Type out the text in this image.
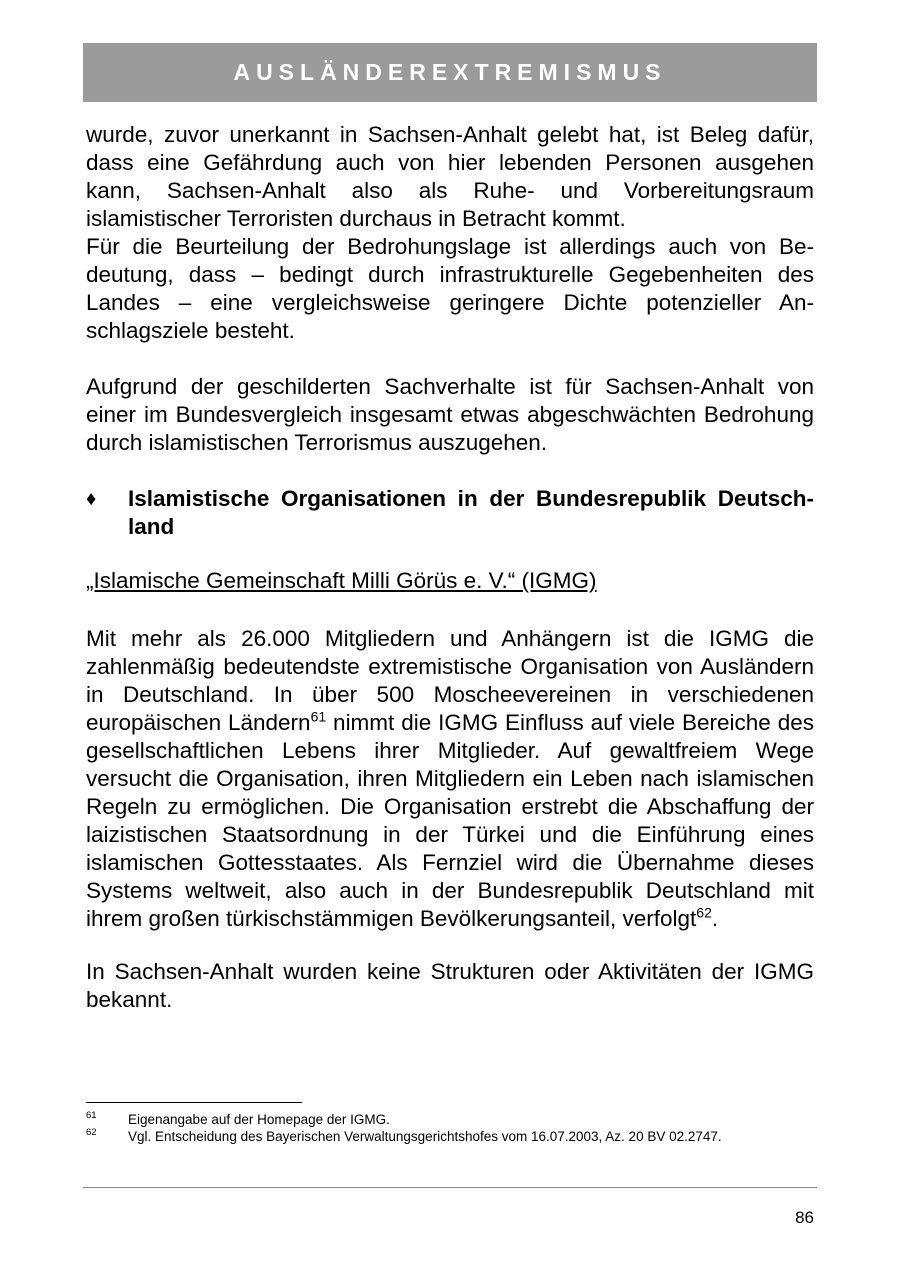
AUSLÄNDEREXTREMISMUS

wurde, zuvor unerkannt in Sachsen-Anhalt gelebt hat, ist Beleg dafür, dass eine Gefährdung auch von hier lebenden Personen ausgehen kann, Sachsen-Anhalt also als Ruhe- und Vorbereitungsraum islamistischer Terroristen durchaus in Betracht kommt.

Für die Beurteilung der Bedrohungslage ist allerdings auch von Bedeutung, dass – bedingt durch infrastrukturelle Gegebenheiten des Landes – eine vergleichsweise geringere Dichte potenzieller Anschlagsziele besteht.

Aufgrund der geschilderten Sachverhalte ist für Sachsen-Anhalt von einer im Bundesvergleich insgesamt etwas abgeschwächten Bedrohung durch islamistischen Terrorismus auszugehen.

♦ Islamistische Organisationen in der Bundesrepublik Deutschland

„Islamische Gemeinschaft Milli Görüs e. V.“ (IGMG)

Mit mehr als 26.000 Mitgliedern und Anhängern ist die IGMG die zahlenmäßig bedeutendste extremistische Organisation von Ausländern in Deutschland. In über 500 Moscheevereinen in verschiedenen europäischen Ländern$^{61}$ nimmt die IGMG Einfluss auf viele Bereiche des gesellschaftlichen Lebens ihrer Mitglieder. Auf gewaltfreiem Wege versucht die Organisation, ihren Mitgliedern ein Leben nach islamischen Regeln zu ermöglichen. Die Organisation erstrebt die Abschaffung der laizistischen Staatsordnung in der Türkei und die Einführung eines islamischen Gottesstaates. Als Fernziel wird die Übernahme dieses Systems weltweit, also auch in der Bundesrepublik Deutschland mit ihrem großen türkischstämmigen Bevölkerungsanteil, verfolgt$^{62}$.

In Sachsen-Anhalt wurden keine Strukturen oder Aktivitäten der IGMG bekannt.

61 Eigenangabe auf der Homepage der IGMG.
62 Vgl. Entscheidung des Bayerischen Verwaltungsgerichtshofes vom 16.07.2003, Az. 20 BV 02.2747.
86
